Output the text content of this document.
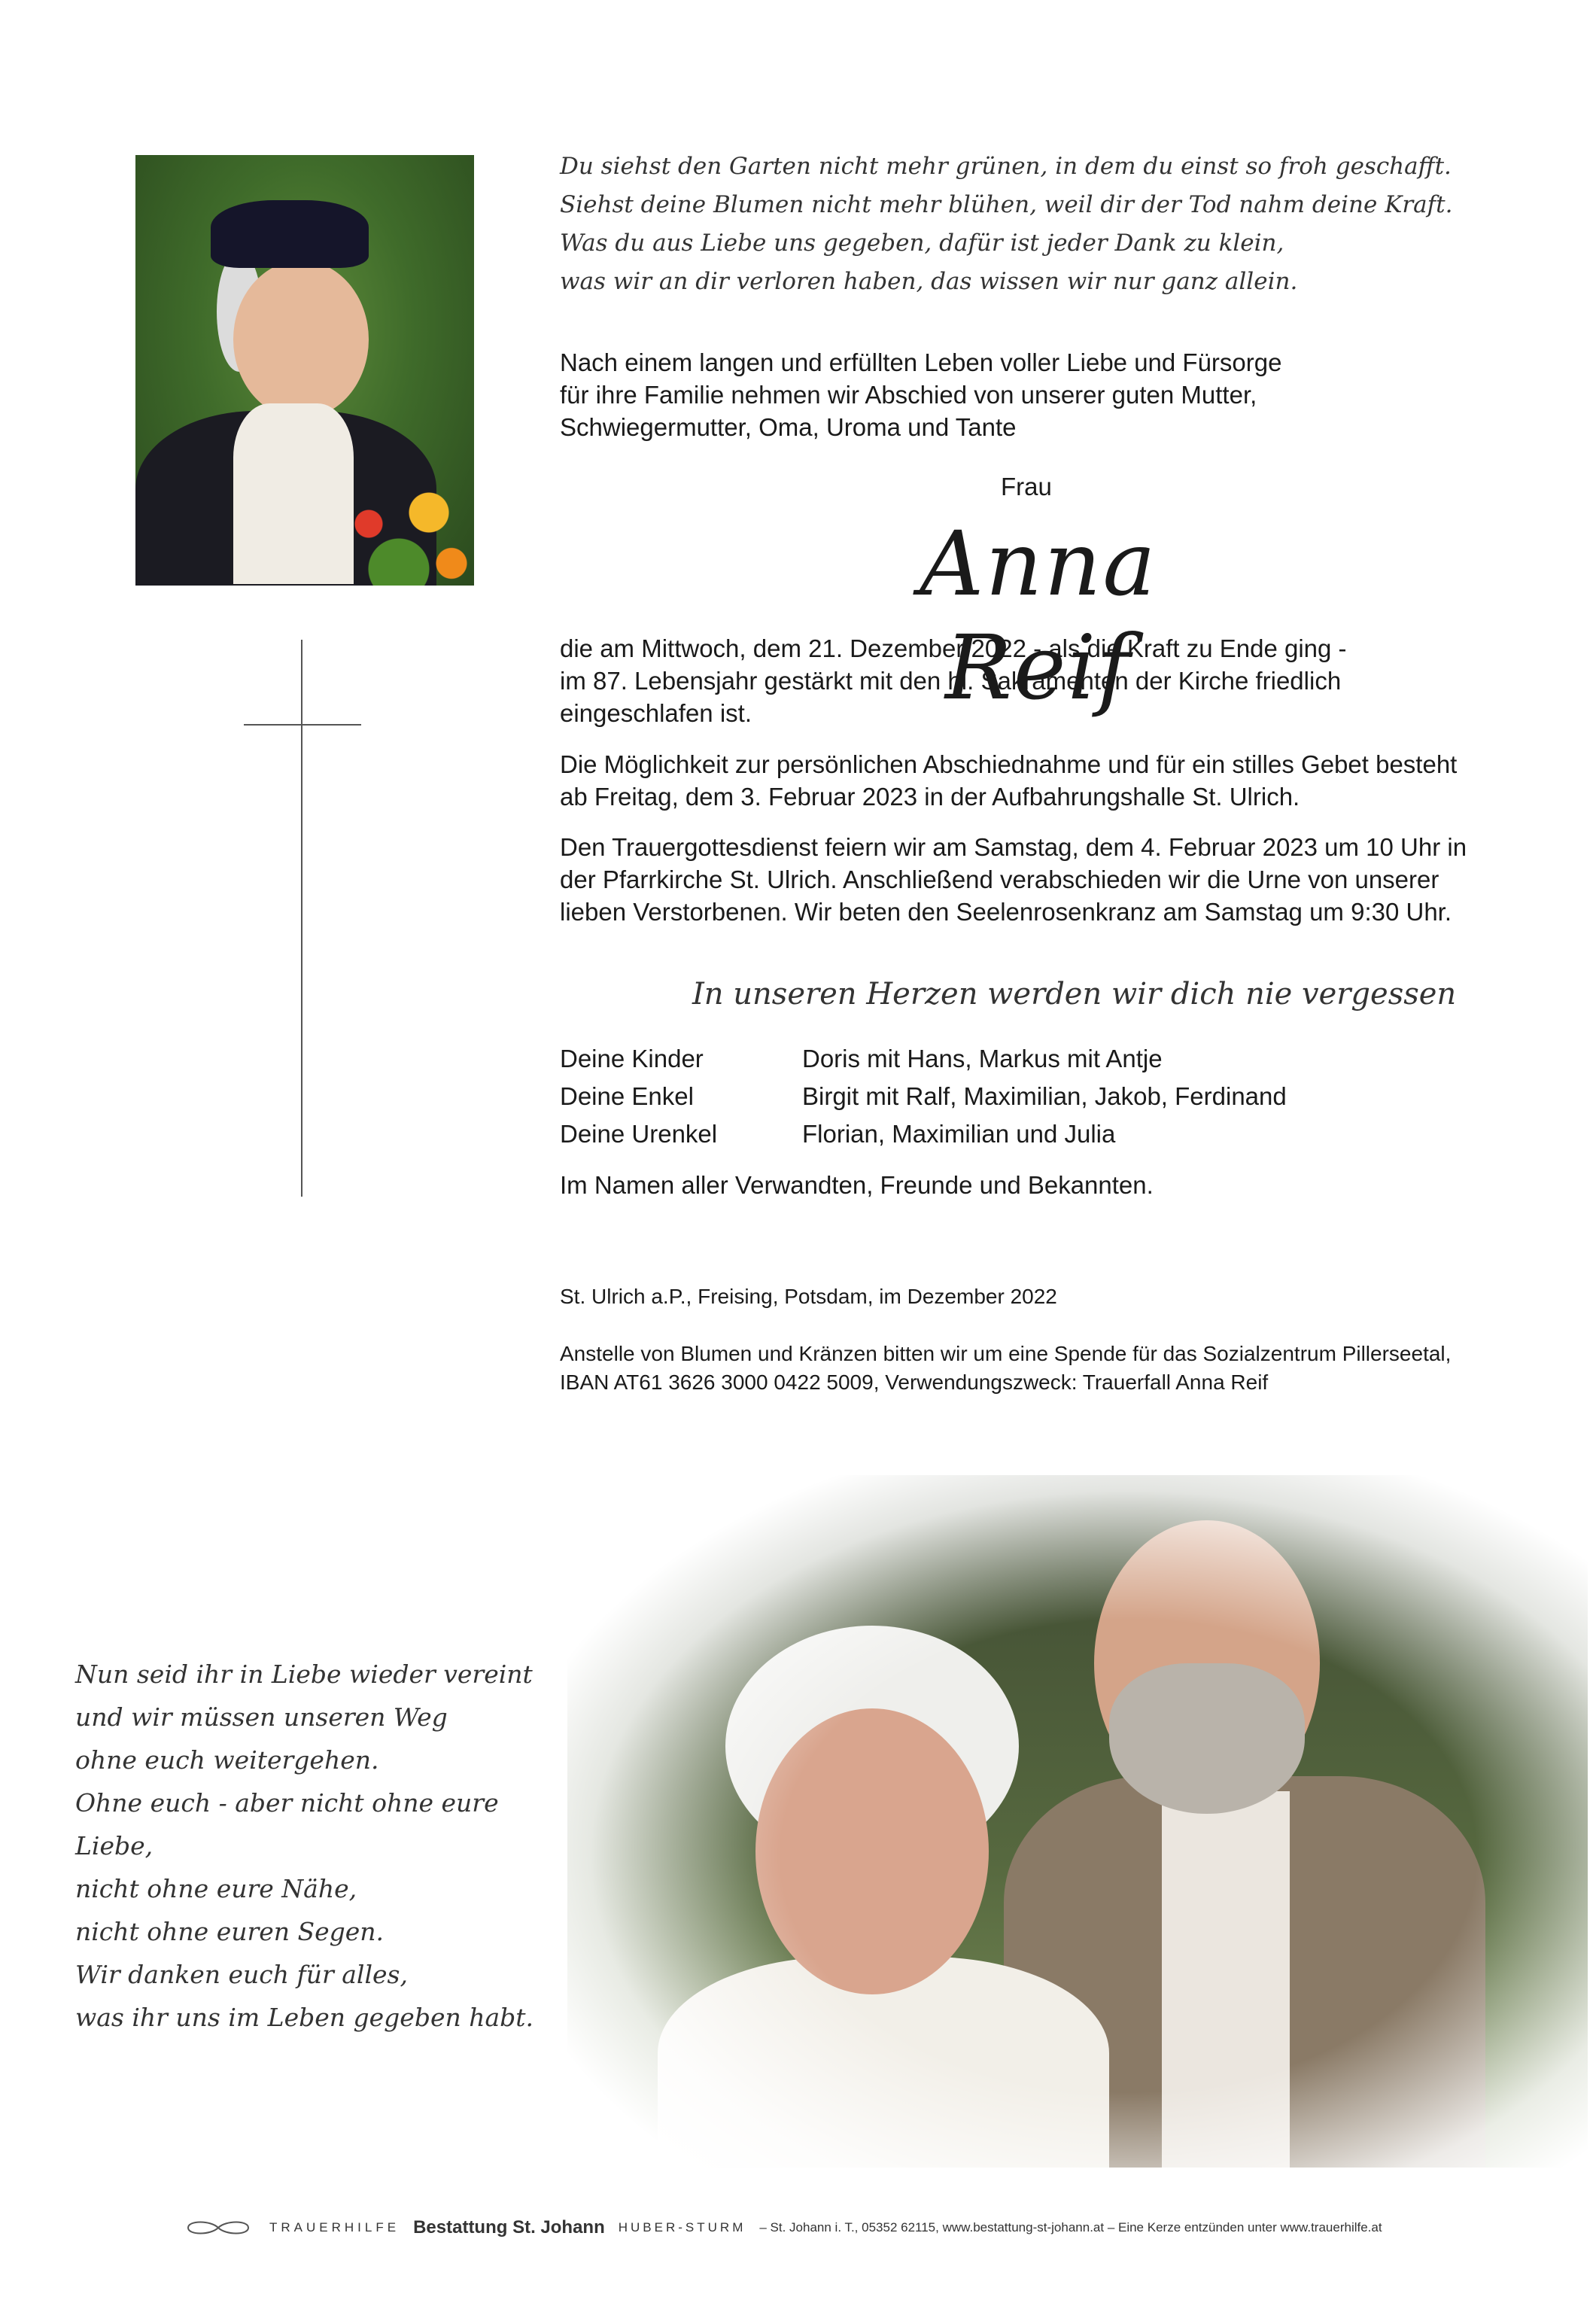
Du siehst den Garten nicht mehr grünen, in dem du einst so froh geschafft.
Siehst deine Blumen nicht mehr blühen, weil dir der Tod nahm deine Kraft.
Was du aus Liebe uns gegeben, dafür ist jeder Dank zu klein,
was wir an dir verloren haben, das wissen wir nur ganz allein.
Nach einem langen und erfüllten Leben voller Liebe und Fürsorge
für ihre Familie nehmen wir Abschied von unserer guten Mutter,
Schwiegermutter, Oma, Uroma und Tante
Frau
Anna Reif
die am Mittwoch, dem 21. Dezember 2022 - als die Kraft zu Ende ging -
im 87. Lebensjahr gestärkt mit den hl. Sakramenten der Kirche friedlich
eingeschlafen ist.
Die Möglichkeit zur persönlichen Abschiednahme und für ein stilles Gebet besteht
ab Freitag, dem 3. Februar 2023 in der Aufbahrungshalle St. Ulrich.
Den Trauergottesdienst feiern wir am Samstag, dem 4. Februar 2023 um 10 Uhr in
der Pfarrkirche St. Ulrich. Anschließend verabschieden wir die Urne von unserer
lieben Verstorbenen. Wir beten den Seelenrosenkranz am Samstag um 9:30 Uhr.
In unseren Herzen werden wir dich nie vergessen
Deine Kinder	Doris mit Hans, Markus mit Antje
Deine Enkel	Birgit mit Ralf, Maximilian, Jakob, Ferdinand
Deine Urenkel	Florian, Maximilian und Julia
Im Namen aller Verwandten, Freunde und Bekannten.
St. Ulrich a.P., Freising, Potsdam, im Dezember 2022
Anstelle von Blumen und Kränzen bitten wir um eine Spende für das Sozialzentrum Pillerseetal,
IBAN AT61 3626 3000 0422 5009, Verwendungszweck: Trauerfall Anna Reif
Nun seid ihr in Liebe wieder vereint
und wir müssen unseren Weg
ohne euch weitergehen.
Ohne euch - aber nicht ohne eure Liebe,
nicht ohne eure Nähe,
nicht ohne euren Segen.
Wir danken euch für alles,
was ihr uns im Leben gegeben habt.
TRAUERHILFE Bestattung St. Johann HUBER-STURM – St. Johann i. T., 05352 62115, www.bestattung-st-johann.at – Eine Kerze entzünden unter www.trauerhilfe.at
